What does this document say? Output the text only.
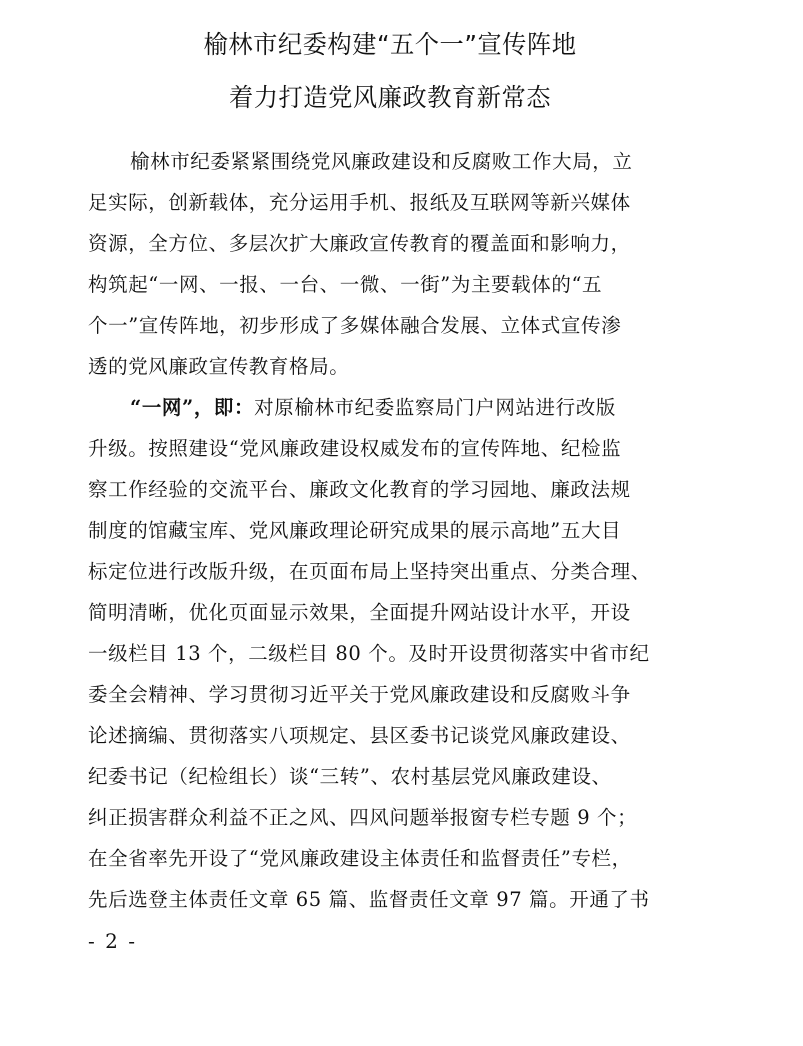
榆林市纪委构建“五个一”宣传阵地
着力打造党风廉政教育新常态
榆林市纪委紧紧围绕党风廉政建设和反腐败工作大局，立
足实际，创新载体，充分运用手机、报纸及互联网等新兴媒体
资源，全方位、多层次扩大廉政宣传教育的覆盖面和影响力，
构筑起“一网、一报、一台、一微、一街”为主要载体的“五
个一”宣传阵地，初步形成了多媒体融合发展、立体式宣传渗
透的党风廉政宣传教育格局。
“一网”，即：对原榆林市纪委监察局门户网站进行改版
升级。按照建设“党风廉政建设权威发布的宣传阵地、纪检监
察工作经验的交流平台、廉政文化教育的学习园地、廉政法规
制度的馆藏宝库、党风廉政理论研究成果的展示高地”五大目
标定位进行改版升级，在页面布局上坚持突出重点、分类合理、
简明清晰，优化页面显示效果，全面提升网站设计水平，开设
一级栏目 13 个，二级栏目 80 个。及时开设贯彻落实中省市纪
委全会精神、学习贯彻习近平关于党风廉政建设和反腐败斗争
论述摘编、贯彻落实八项规定、县区委书记谈党风廉政建设、
纪委书记（纪检组长）谈“三转”、农村基层党风廉政建设、
纠正损害群众利益不正之风、四风问题举报窗专栏专题 9 个；
在全省率先开设了“党风廉政建设主体责任和监督责任”专栏，
先后选登主体责任文章 65 篇、监督责任文章 97 篇。开通了书
- 2 -
